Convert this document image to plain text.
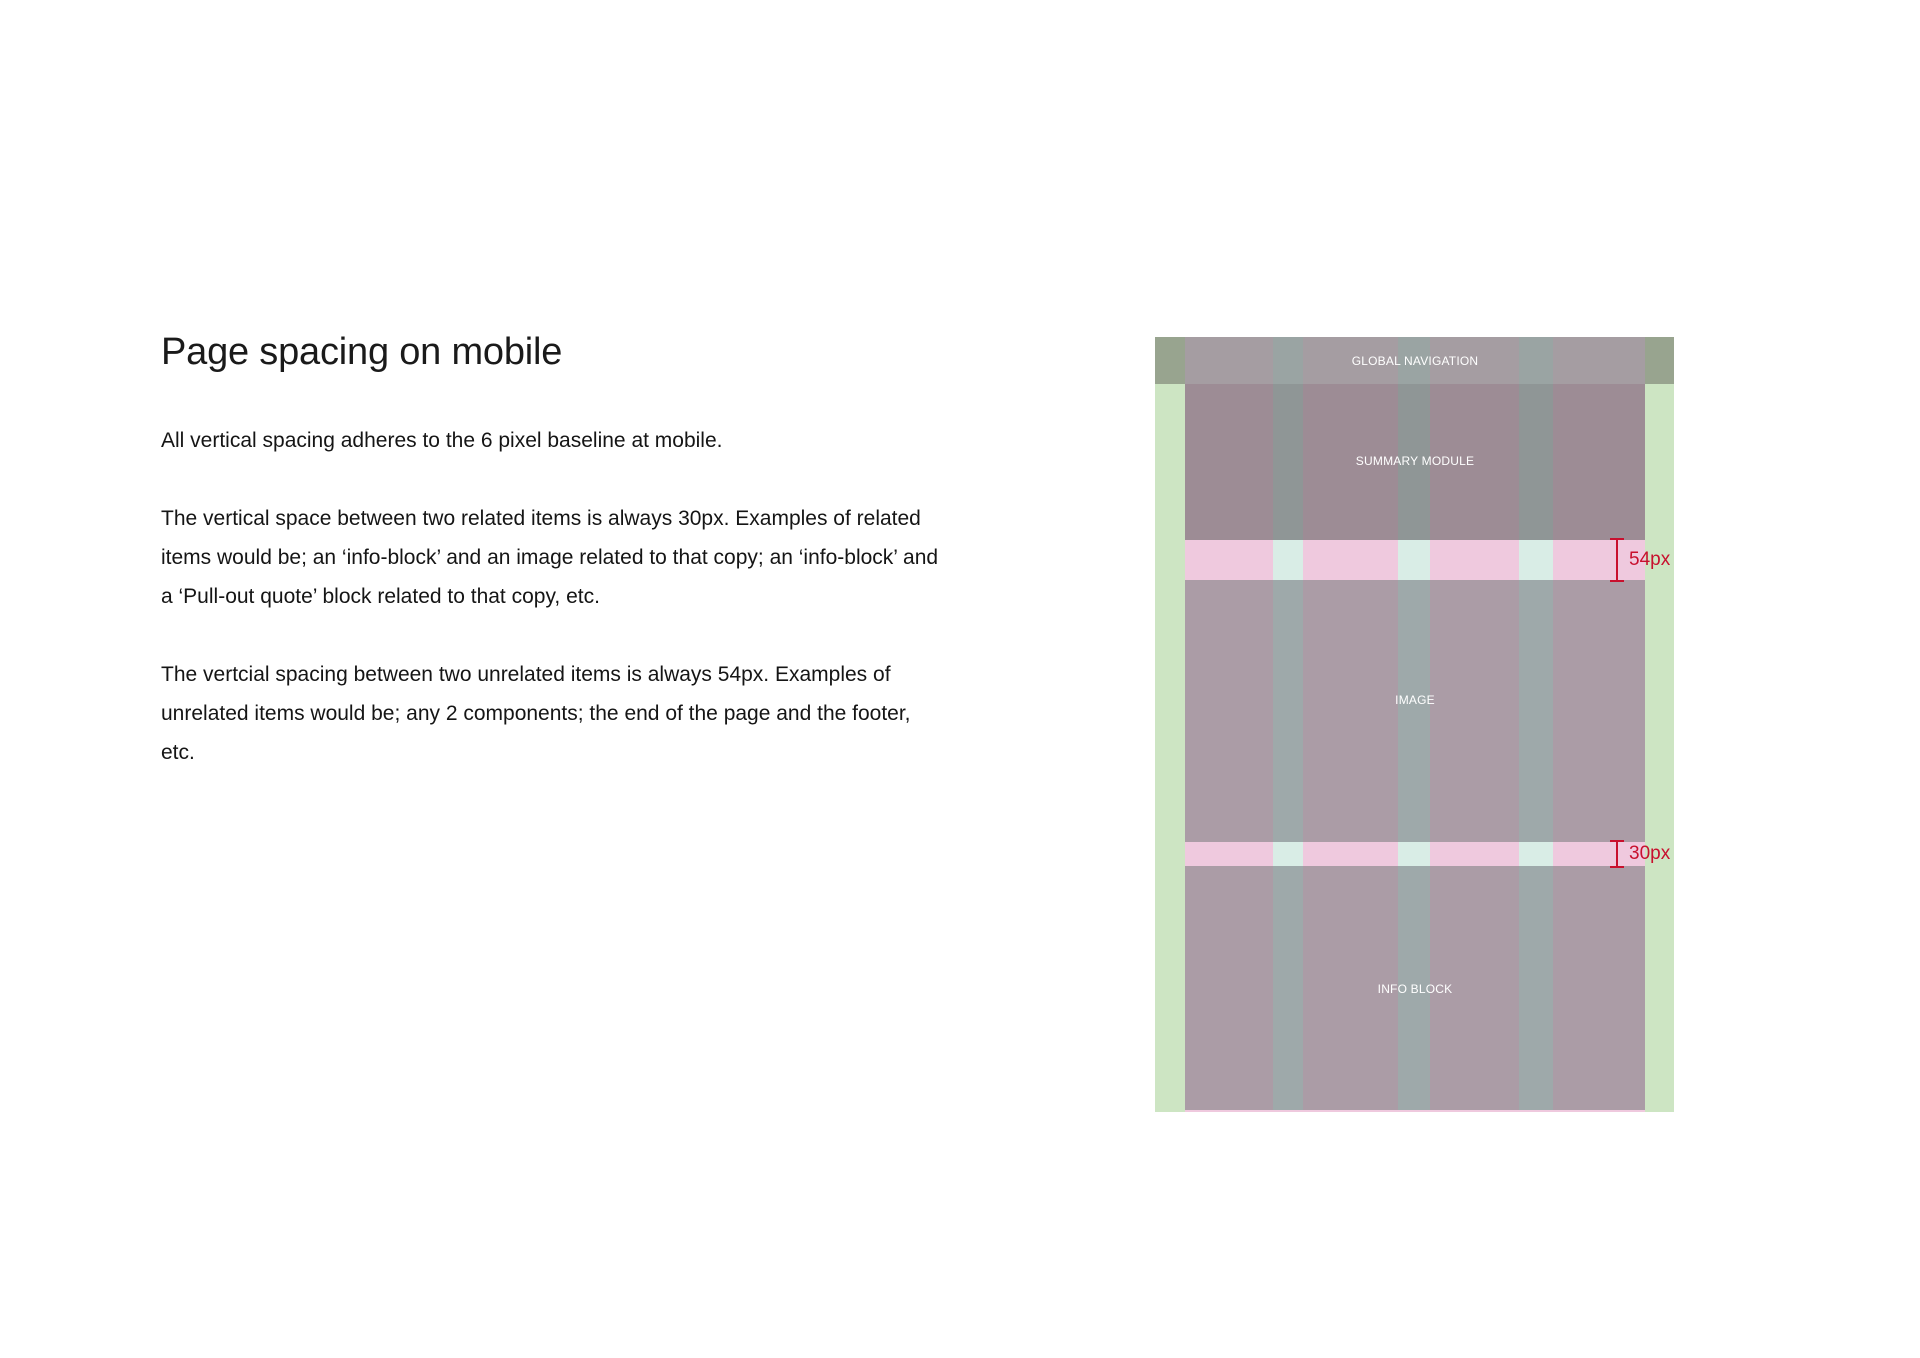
Page spacing on mobile

All vertical spacing adheres to the 6 pixel baseline at mobile.

The vertical space between two related items is always 30px. Examples of related items would be; an ‘info-block’ and an image related to that copy; an ‘info-block’ and a ‘Pull-out quote’ block related to that copy, etc.

The vertcial spacing between two unrelated items is always 54px. Examples of unrelated items would be; any 2 components; the end of the page and the footer, etc.

GLOBAL NAVIGATION
SUMMARY MODULE
IMAGE
INFO BLOCK
54px
30px
